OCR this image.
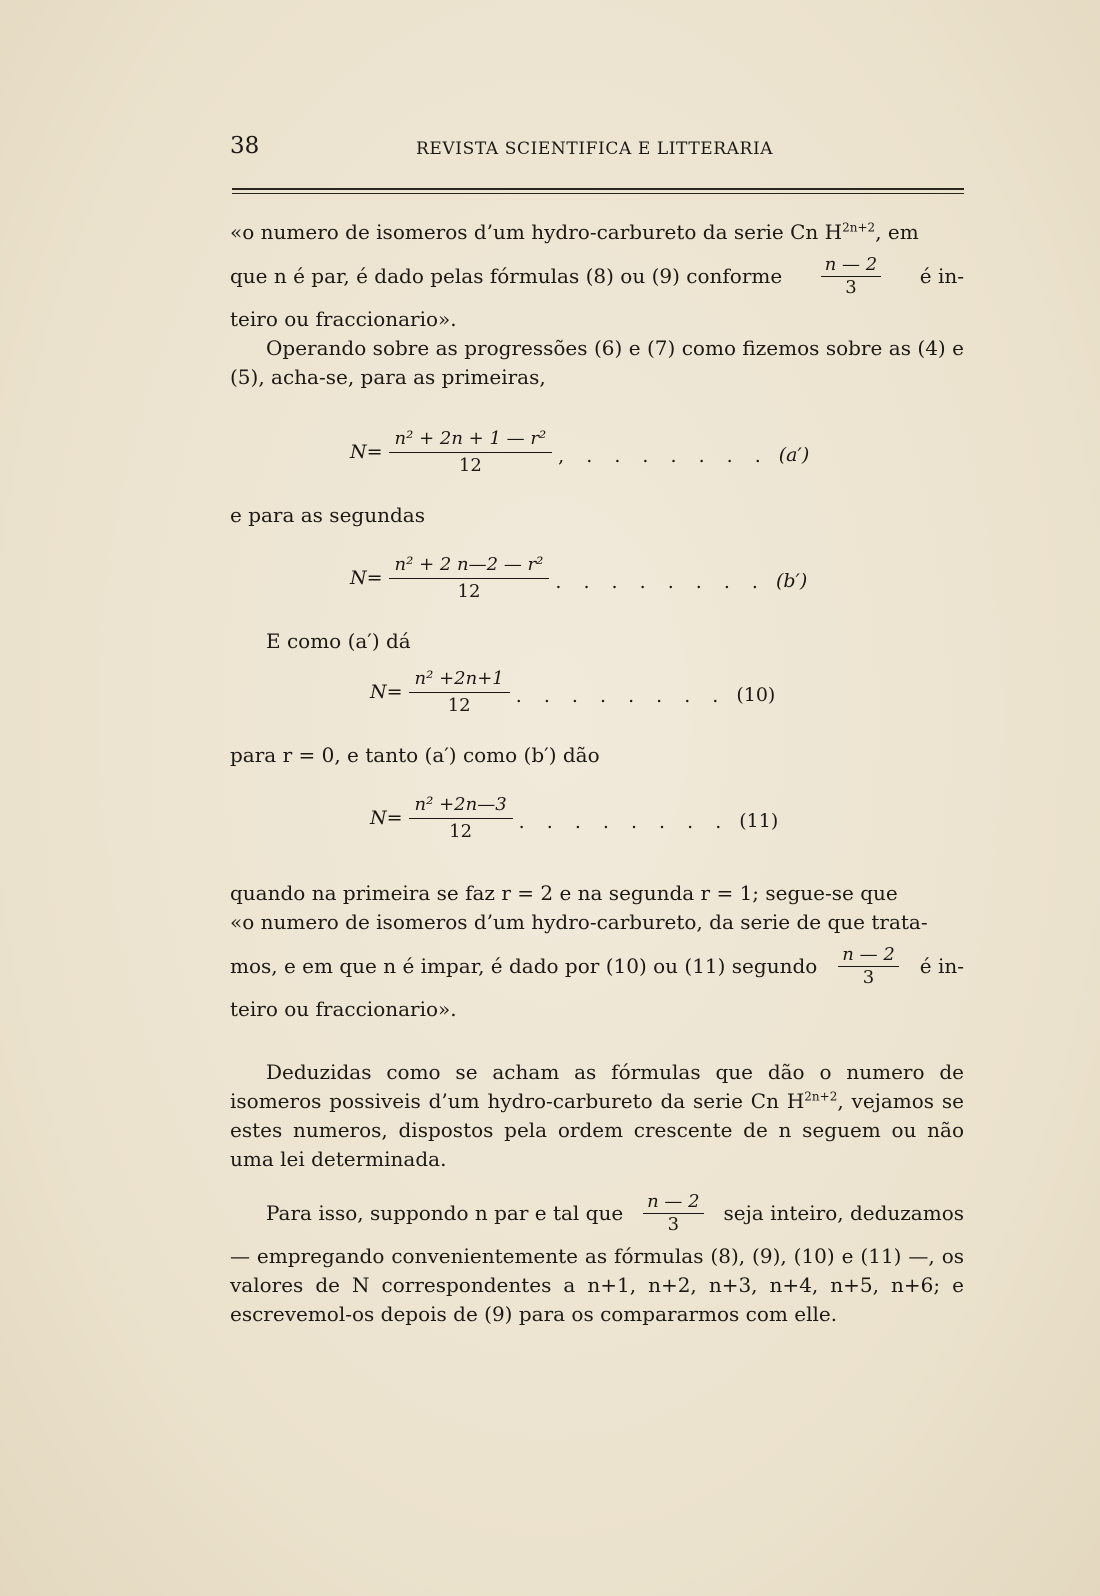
38	REVISTA SCIENTIFICA E LITTERARIA

«o numero de isomeros d’um hydro-carbureto da serie Cn $H^{2n+2}$, em

que n é par, é dado pelas fórmulas (8) ou (9) conforme $\frac{n — 2}{3}$ é in-

teiro ou fraccionario».

Operando sobre as progressões (6) e (7) como fizemos sobre as (4) e (5), acha-se, para as primeiras,

$N= \frac{\text{n² + 2n + 1 — r²}}{12}$ , . . . . . . . (a′)

e para as segundas

$N= \frac{\text{n² + 2 n—2 — r²}}{12}$ . . . . . . . . (b′)

E como (a′) dá

$N= \frac{\text{n² +2n+1}}{12}$ . . . . . . . . (10)

para r = 0, e tanto (a′) como (b′) dão

$N= \frac{\text{n² +2n—3}}{12}$ . . . . . . . . (11)

quando na primeira se faz r = 2 e na segunda r = 1; segue-se que

«o numero de isomeros d’um hydro-carbureto, da serie de que trata-

mos, e em que n é impar, é dado por (10) ou (11) segundo $\frac{n — 2}{3}$ é in-

teiro ou fraccionario».

Deduzidas como se acham as fórmulas que dão o numero de isomeros possiveis d’um hydro-carbureto da serie Cn $H^{2n+2}$, vejamos se estes numeros, dispostos pela ordem crescente de n seguem ou não uma lei determinada.

Para isso, suppondo n par e tal que $\frac{n — 2}{3}$ seja inteiro, deduzamos

— empregando convenientemente as fórmulas (8), (9), (10) e (11) —, os valores de N correspondentes a n+1, n+2, n+3, n+4, n+5, n+6; e escrevemol-os depois de (9) para os compararmos com elle.
